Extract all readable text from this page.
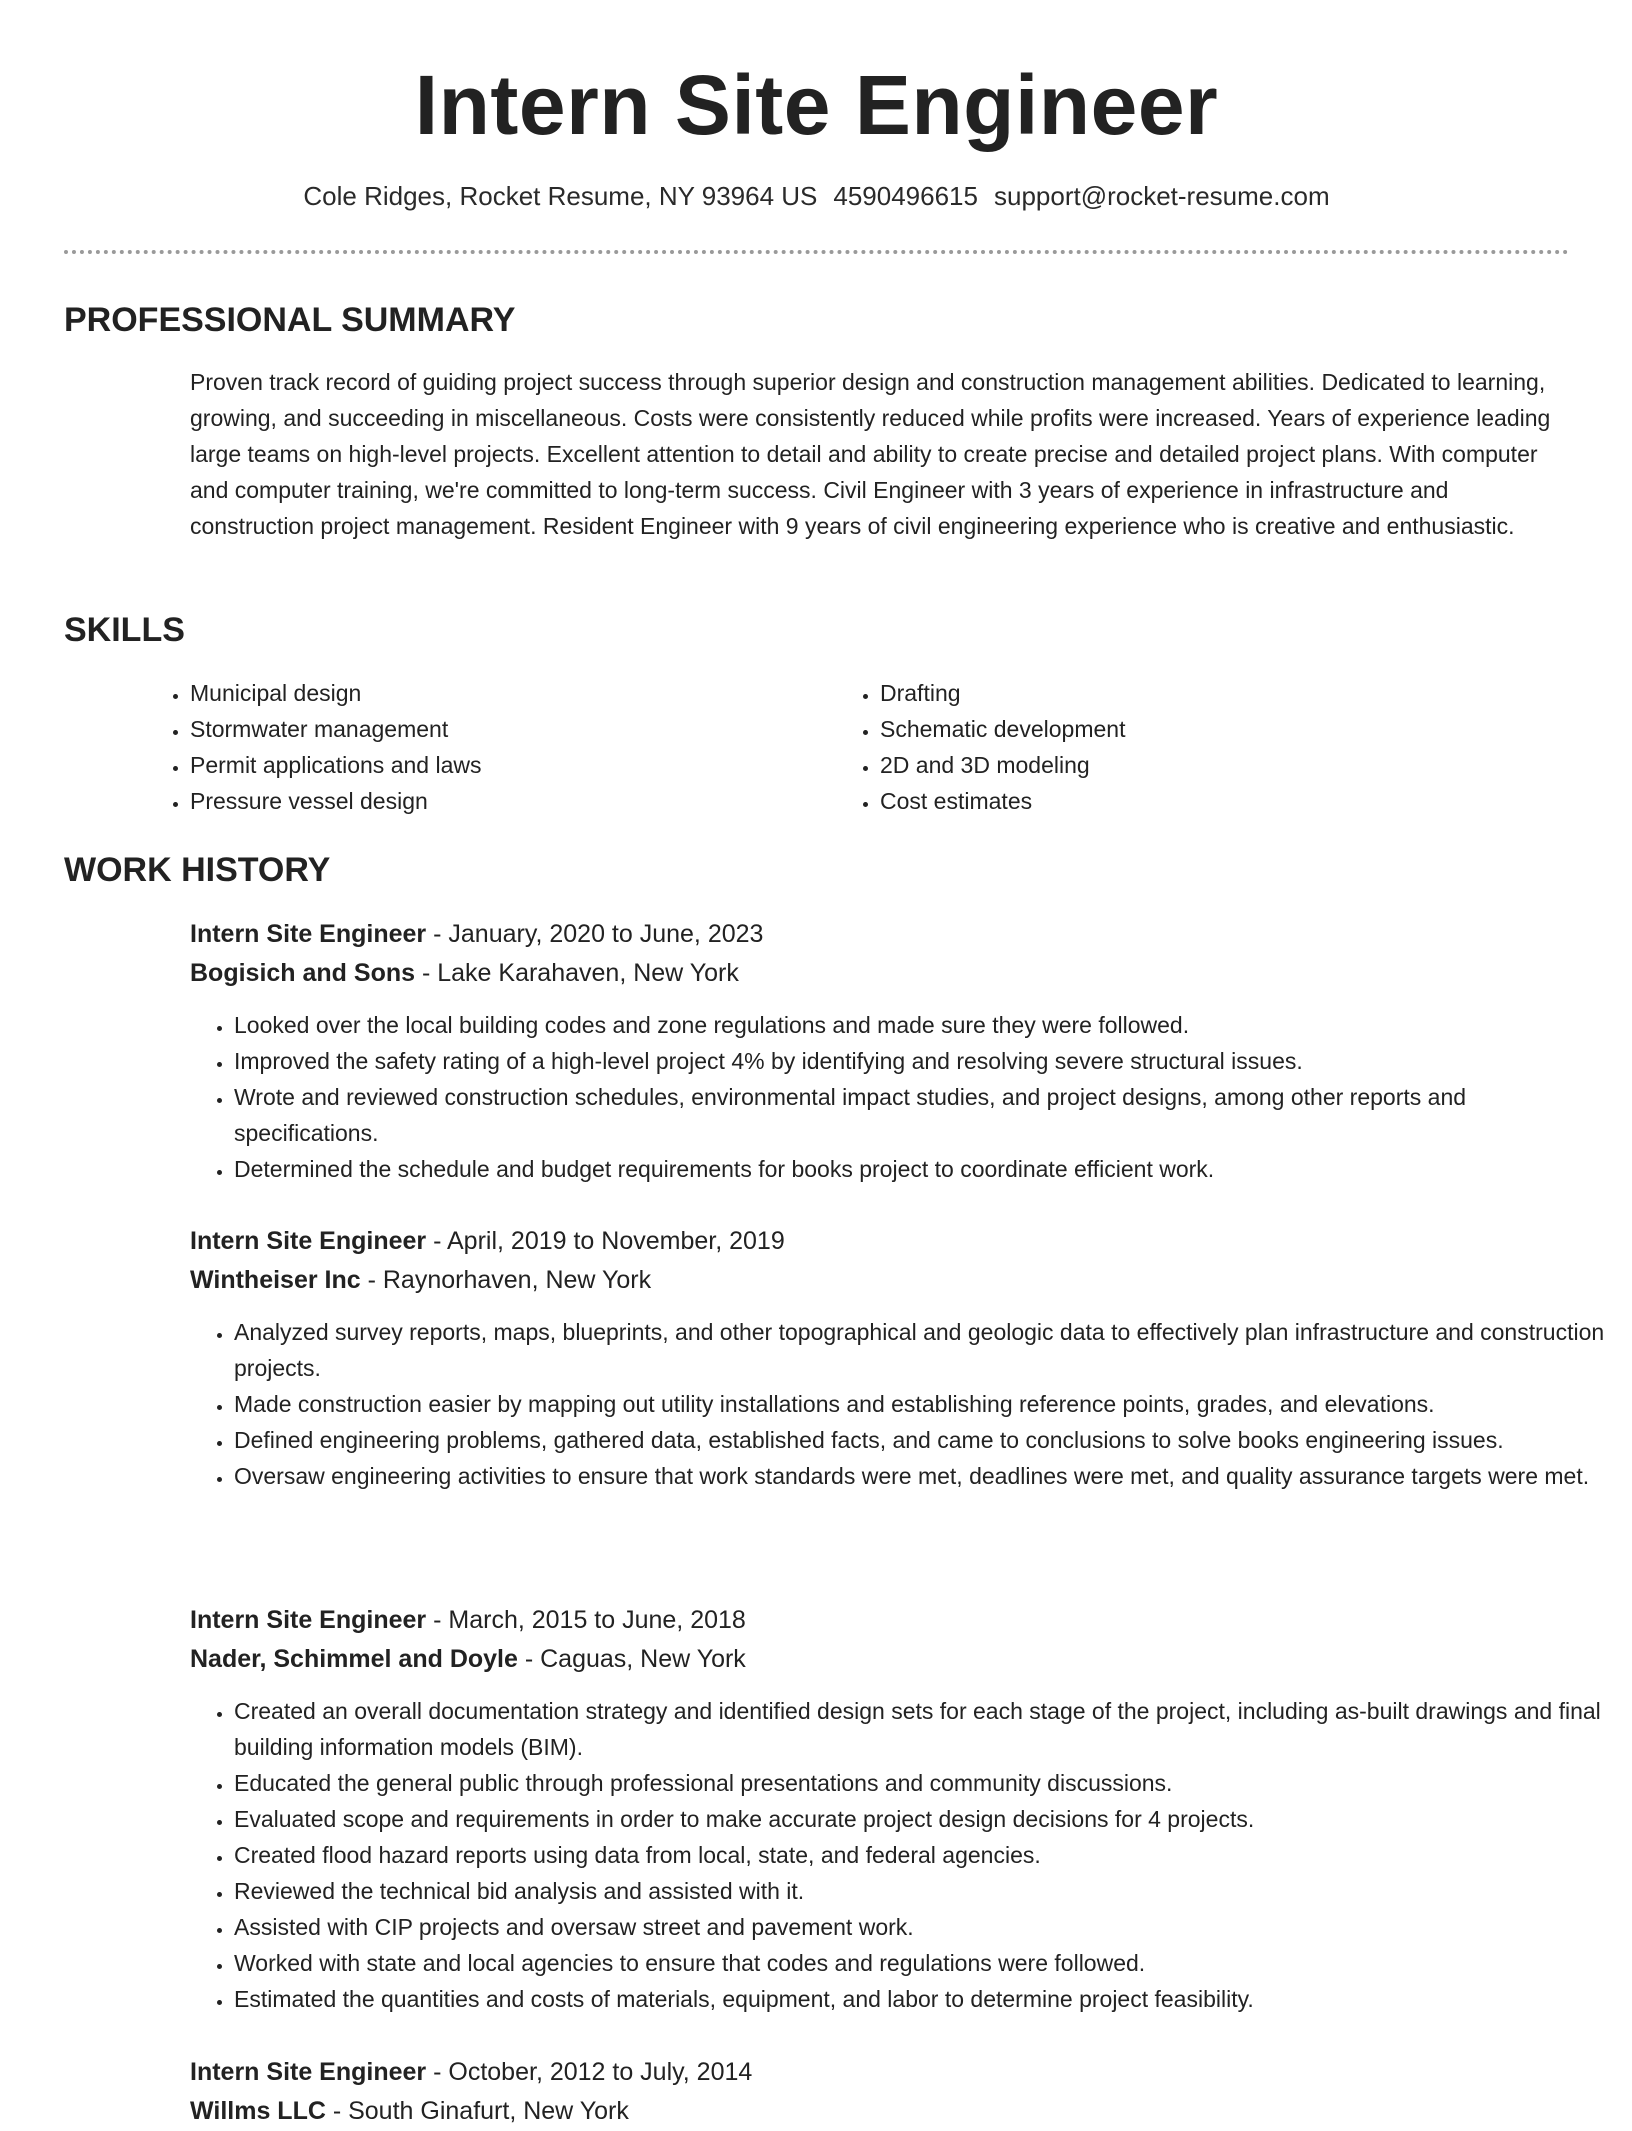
Intern Site Engineer
Cole Ridges, Rocket Resume, NY 93964 US 4590496615 support@rocket-resume.com
PROFESSIONAL SUMMARY
Proven track record of guiding project success through superior design and construction management abilities. Dedicated to learning, growing, and succeeding in miscellaneous. Costs were consistently reduced while profits were increased. Years of experience leading large teams on high-level projects. Excellent attention to detail and ability to create precise and detailed project plans. With computer and computer training, we're committed to long-term success. Civil Engineer with 3 years of experience in infrastructure and construction project management. Resident Engineer with 9 years of civil engineering experience who is creative and enthusiastic.
SKILLS
• Municipal design
• Stormwater management
• Permit applications and laws
• Pressure vessel design
• Drafting
• Schematic development
• 2D and 3D modeling
• Cost estimates
WORK HISTORY
Intern Site Engineer - January, 2020 to June, 2023
Bogisich and Sons - Lake Karahaven, New York
• Looked over the local building codes and zone regulations and made sure they were followed.
• Improved the safety rating of a high-level project 4% by identifying and resolving severe structural issues.
• Wrote and reviewed construction schedules, environmental impact studies, and project designs, among other reports and specifications.
• Determined the schedule and budget requirements for books project to coordinate efficient work.
Intern Site Engineer - April, 2019 to November, 2019
Wintheiser Inc - Raynorhaven, New York
• Analyzed survey reports, maps, blueprints, and other topographical and geologic data to effectively plan infrastructure and construction projects.
• Made construction easier by mapping out utility installations and establishing reference points, grades, and elevations.
• Defined engineering problems, gathered data, established facts, and came to conclusions to solve books engineering issues.
• Oversaw engineering activities to ensure that work standards were met, deadlines were met, and quality assurance targets were met.
Intern Site Engineer - March, 2015 to June, 2018
Nader, Schimmel and Doyle - Caguas, New York
• Created an overall documentation strategy and identified design sets for each stage of the project, including as-built drawings and final building information models (BIM).
• Educated the general public through professional presentations and community discussions.
• Evaluated scope and requirements in order to make accurate project design decisions for 4 projects.
• Created flood hazard reports using data from local, state, and federal agencies.
• Reviewed the technical bid analysis and assisted with it.
• Assisted with CIP projects and oversaw street and pavement work.
• Worked with state and local agencies to ensure that codes and regulations were followed.
• Estimated the quantities and costs of materials, equipment, and labor to determine project feasibility.
Intern Site Engineer - October, 2012 to July, 2014
Willms LLC - South Ginafurt, New York
